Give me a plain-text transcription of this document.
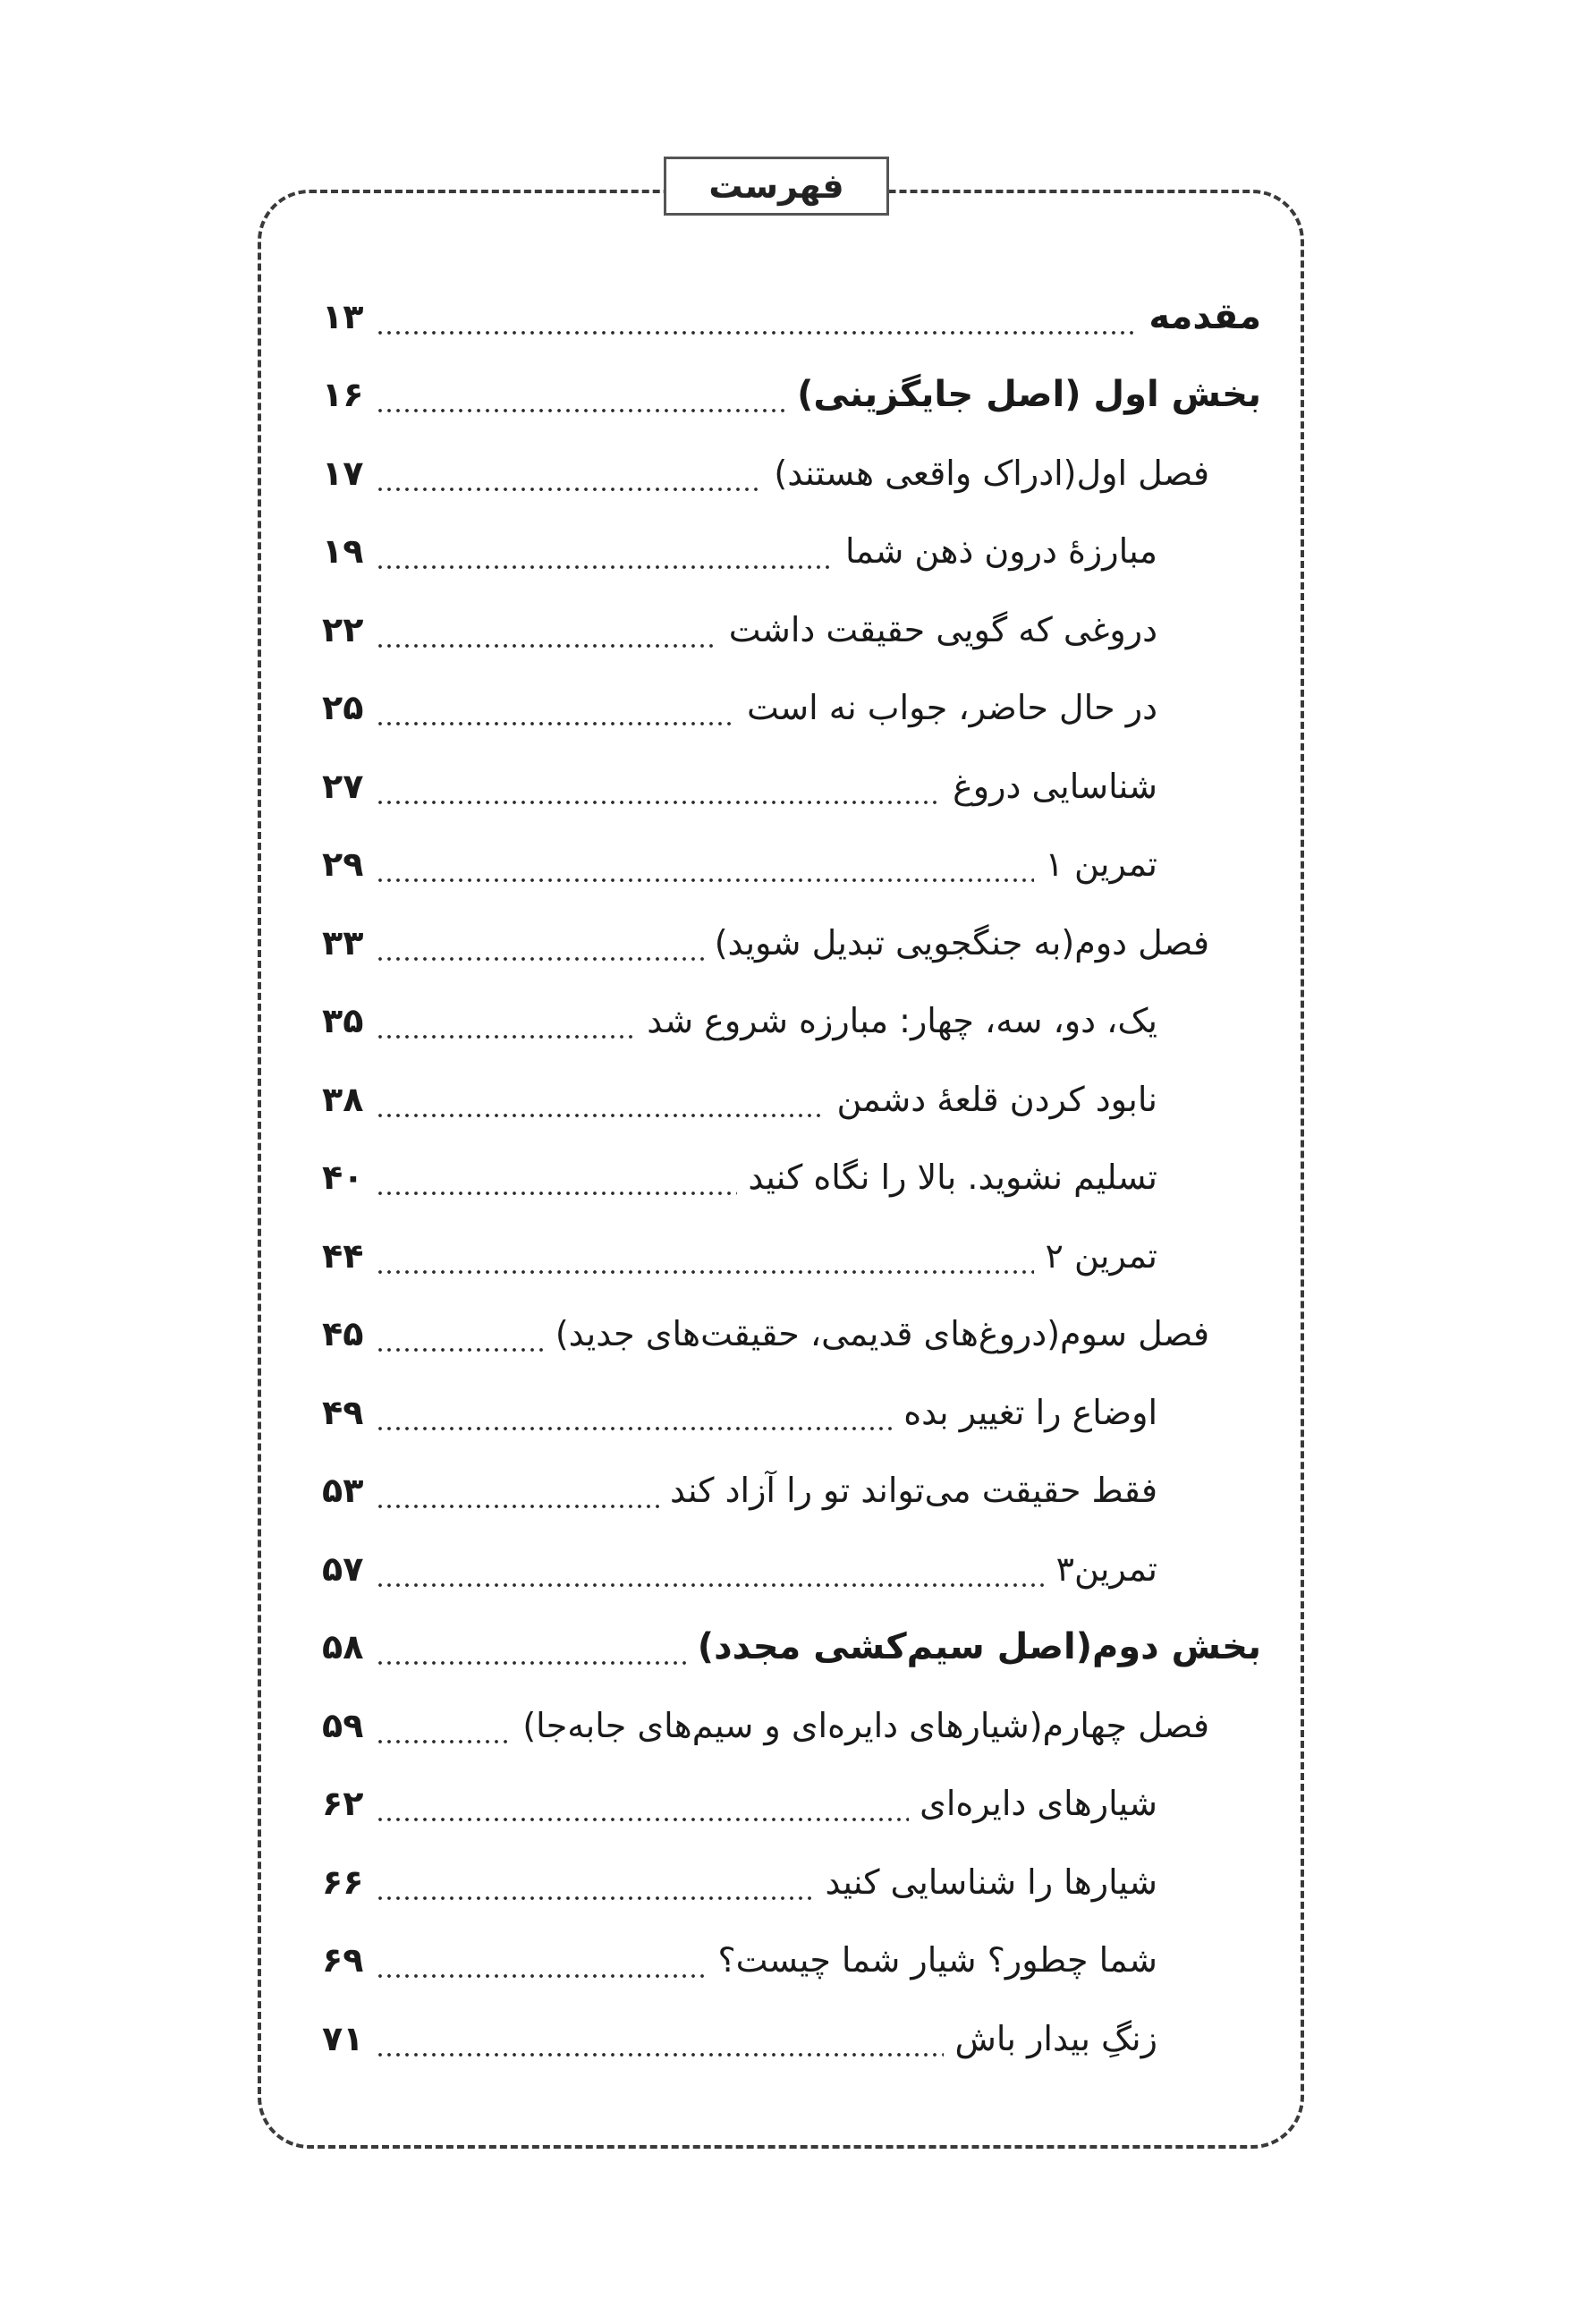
فهرست
مقدمه
۱۳
بخش اول (اصل جایگزینی)
۱۶
فصل اول(ادراک واقعی هستند)
۱۷
مبارزۀ درون ذهن شما
۱۹
دروغی که گویی حقیقت داشت
۲۲
در حال حاضر، جواب نه است
۲۵
شناسایی دروغ
۲۷
تمرین ۱
۲۹
فصل دوم(به جنگجویی تبدیل شوید)
۳۳
یک، دو، سه، چهار: مبارزه شروع شد
۳۵
نابود کردن قلعۀ دشمن
۳۸
تسلیم نشوید. بالا را نگاه کنید
۴۰
تمرین ۲
۴۴
فصل سوم(دروغ‌های قدیمی، حقیقت‌های جدید)
۴۵
اوضاع را تغییر بده
۴۹
فقط حقیقت می‌تواند تو را آزاد کند
۵۳
تمرین۳
۵۷
بخش دوم(اصل سیم‌کشی مجدد)
۵۸
فصل چهارم(شیارهای دایره‌ای و سیم‌های جابه‌جا)
۵۹
شیارهای دایره‌ای
۶۲
شیارها را شناسایی کنید
۶۶
شما چطور؟ شیار شما چیست؟
۶۹
زنگِ بیدار باش
۷۱
